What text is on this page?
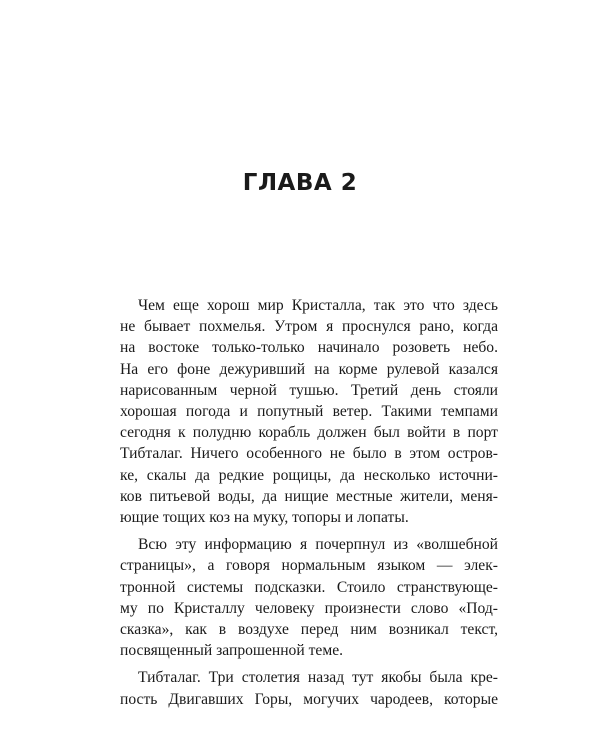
ГЛАВА 2

Чем еще хорош мир Кристалла, так это что здесь
не бывает похмелья. Утром я проснулся рано, когда
на востоке только-только начинало розоветь небо.
На его фоне дежуривший на корме рулевой казался
нарисованным черной тушью. Третий день стояли
хорошая погода и попутный ветер. Такими темпами
сегодня к полудню корабль должен был войти в порт
Тибталаг. Ничего особенного не было в этом остров-
ке, скалы да редкие рощицы, да несколько источни-
ков питьевой воды, да нищие местные жители, меня-
ющие тощих коз на муку, топоры и лопаты.

Всю эту информацию я почерпнул из «волшебной
страницы», а говоря нормальным языком — элек-
тронной системы подсказки. Стоило странствующе-
му по Кристаллу человеку произнести слово «Под-
сказка», как в воздухе перед ним возникал текст,
посвященный запрошенной теме.

Тибталаг. Три столетия назад тут якобы была кре-
пость Двигавших Горы, могучих чародеев, которые
